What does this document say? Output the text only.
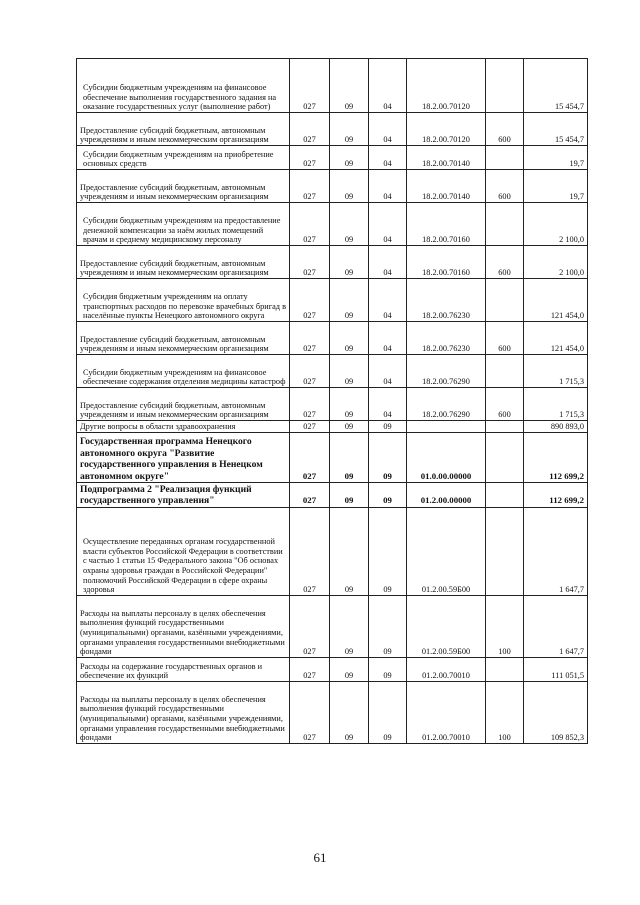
Субсидии бюджетным учреждениям на финансовое обеспечение выполнения государственного задания на оказание государственных услуг (выполнение работ)	027	09	04	18.2.00.70120		15 454,7
Предоставление субсидий бюджетным, автономным учреждениям и иным некоммерческим организациям	027	09	04	18.2.00.70120	600	15 454,7
Субсидии бюджетным учреждениям на приобретение основных средств	027	09	04	18.2.00.70140		19,7
Предоставление субсидий бюджетным, автономным учреждениям и иным некоммерческим организациям	027	09	04	18.2.00.70140	600	19,7
Субсидии бюджетным учреждениям на предоставление денежной компенсации за наём жилых помещений врачам и среднему медицинскому персоналу	027	09	04	18.2.00.70160		2 100,0
Предоставление субсидий бюджетным, автономным учреждениям и иным некоммерческим организациям	027	09	04	18.2.00.70160	600	2 100,0
Субсидия бюджетным учреждениям на оплату транспортных расходов по перевозке врачебных бригад в населённые пункты Ненецкого автономного округа	027	09	04	18.2.00.76230		121 454,0
Предоставление субсидий бюджетным, автономным учреждениям и иным некоммерческим организациям	027	09	04	18.2.00.76230	600	121 454,0
Субсидии бюджетным учреждениям на финансовое обеспечение содержания отделения медицины катастроф	027	09	04	18.2.00.76290		1 715,3
Предоставление субсидий бюджетным, автономным учреждениям и иным некоммерческим организациям	027	09	04	18.2.00.76290	600	1 715,3
Другие вопросы в области здравоохранения	027	09	09			890 893,0
Государственная программа Ненецкого автономного округа "Развитие государственного управления в Ненецком автономном округе"	027	09	09	01.0.00.00000		112 699,2
Подпрограмма 2 "Реализация функций государственного управления"	027	09	09	01.2.00.00000		112 699,2
Осуществление переданных органам государственной власти субъектов Российской Федерации в соответствии с частью 1 статьи 15 Федерального закона "Об основах охраны здоровья граждан в Российской Федерации" полномочий Российской Федерации в сфере охраны здоровья	027	09	09	01.2.00.59Б00		1 647,7
Расходы на выплаты персоналу в целях обеспечения выполнения функций государственными (муниципальными) органами, казёнными учреждениями, органами управления государственными внебюджетными фондами	027	09	09	01.2.00.59Б00	100	1 647,7
Расходы на содержание государственных органов и обеспечение их функций	027	09	09	01.2.00.70010		111 051,5
Расходы на выплаты персоналу в целях обеспечения выполнения функций государственными (муниципальными) органами, казёнными учреждениями, органами управления государственными внебюджетными фондами	027	09	09	01.2.00.70010	100	109 852,3
61
